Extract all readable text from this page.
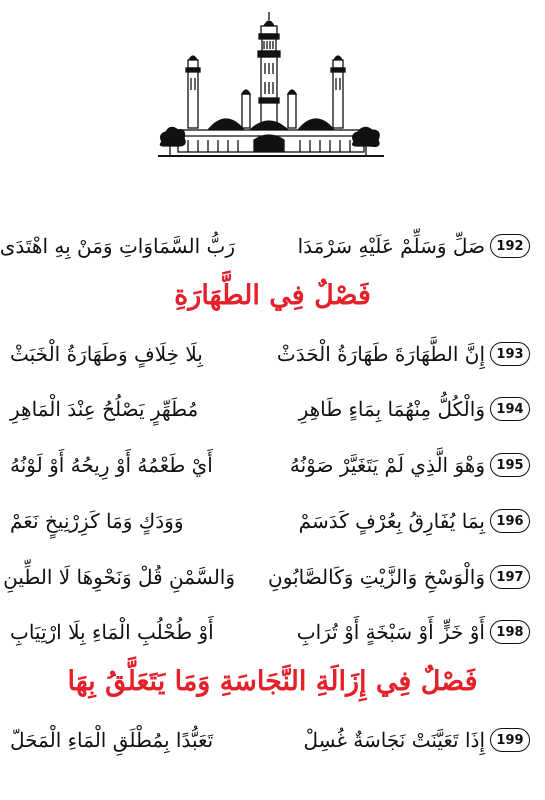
192
صَلِّ وَسَلِّمْ عَلَيْهِ سَرْمَدَا
رَبُّ السَّمَاوَاتِ وَمَنْ بِهِ اهْتَدَى
فَصْلٌ فِي الطَّهَارَةِ
193
إِنَّ الطَّهَارَةَ طَهَارَةُ الْحَدَثْ
بِلَا خِلَافٍ وَطَهَارَةُ الْخَبَثْ
194
وَالْكُلُّ مِنْهُمَا بِمَاءٍ طَاهِرِ
مُطَهِّرٍ يَصْلُحُ عِنْدَ الْمَاهِرِ
195
وَهْوَ الَّذِي لَمْ يَتَغَيَّرْ صَوْنُهُ
أَيْ طَعْمُهُ أَوْ رِيحُهُ أَوْ لَوْنُهُ
196
بِمَا يُفَارِقُ بِعُرْفٍ كَدَسَمْ
وَوَدَكٍ وَمَا كَزِرْنِيخٍ نَعَمْ
197
وَالْوَسْخِ وَالزَّيْتِ وَكَالصَّابُونِ
وَالسَّمْنِ قُلْ وَنَحْوِهَا لَا الطِّينِ
198
أَوْ خَزٍّ أَوْ سَبْخَةٍ أَوْ تُرَابِ
أَوْ طُحْلُبِ الْمَاءِ بِلَا ارْتِيَابِ
فَصْلٌ فِي إِزَالَةِ النَّجَاسَةِ وَمَا يَتَعَلَّقُ بِهَا
199
إِذَا تَعَيَّنَتْ نَجَاسَةٌ غُسِلْ
تَعَبُّدًا بِمُطْلَقِ الْمَاءِ الْمَحَلّ
